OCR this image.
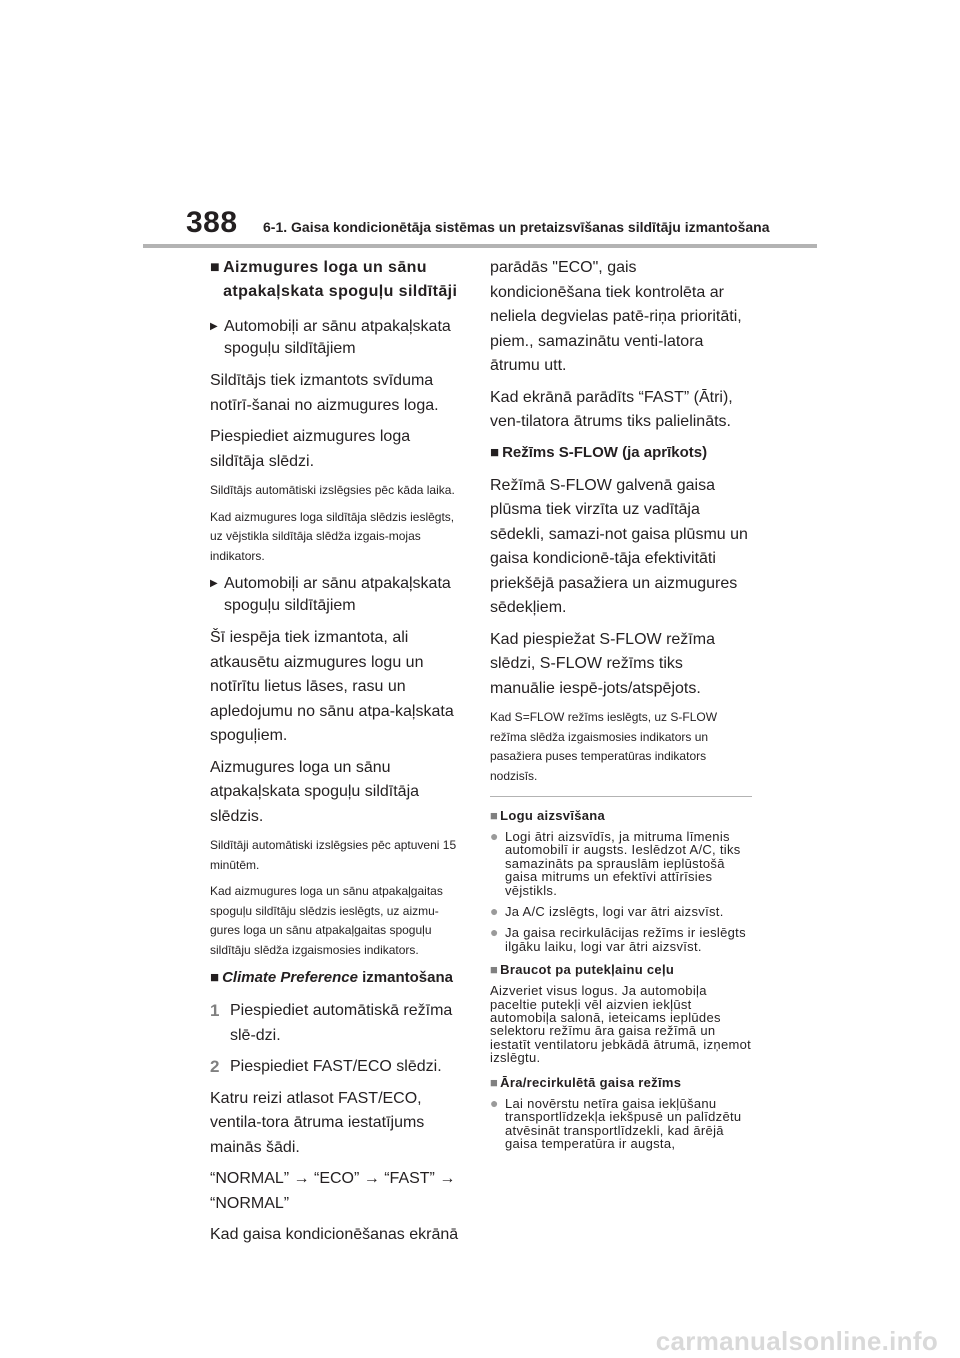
388 6-1. Gaisa kondicionētāja sistēmas un pretaizsvīšanas sildītāju izmantošana
■ Aizmugures loga un sānu atpakaļskata spoguļu sildītāji
▶ Automobiļi ar sānu atpakaļskata spoguļu sildītājiem

Sildītājs tiek izmantots svīduma notīrī-šanai no aizmugures loga.

Piespiediet aizmugures loga sildītāja slēdzi.

Sildītājs automātiski izslēgsies pēc kāda laika.

Kad aizmugures loga sildītāja slēdzis ieslēgts, uz vējstikla sildītāja slēdža izgais-mojas indikators.

▶ Automobiļi ar sānu atpakaļskata spoguļu sildītājiem

Šī iespēja tiek izmantota, ali atkausētu aizmugures logu un notīrītu lietus lāses, rasu un apledojumu no sānu atpa-kaļskata spoguļiem.

Aizmugures loga un sānu atpakaļskata spoguļu sildītāja slēdzis.

Sildītāji automātiski izslēgsies pēc aptuveni 15 minūtēm.

Kad aizmugures loga un sānu atpakaļgaitas spoguļu sildītāju slēdzis ieslēgts, uz aizmu-gures loga un sānu atpakaļgaitas spoguļu sildītāju slēdža izgaismosies indikators.

■ Climate Preference izmantošana
1 Piespiediet automātiskā režīma slē-dzi.
2 Piespiediet FAST/ECO slēdzi.

Katru reizi atlasot FAST/ECO, ventila-tora ātruma iestatījums mainās šādi.

“NORMAL” → “ECO” → “FAST” → “NORMAL”

Kad gaisa kondicionēšanas ekrānā

parādās "ECO", gais kondicionēšana tiek kontrolēta ar neliela degvielas patē-riņa prioritāti, piem., samazinātu venti-latora ātrumu utt.

Kad ekrānā parādīts “FAST” (Ātri), ven-tilatora ātrums tiks palielināts.

■ Režīms S-FLOW (ja aprīkots)

Režīmā S-FLOW galvenā gaisa plūsma tiek virzīta uz vadītāja sēdekli, samazi-not gaisa plūsmu un gaisa kondicionē-tāja efektivitāti priekšējā pasažiera un aizmugures sēdekļiem.

Kad piespiežat S-FLOW režīma slēdzi, S-FLOW režīms tiks manuālie iespē-jots/atspējots.

Kad S=FLOW režīms ieslēgts, uz S-FLOW režīma slēdža izgaismosies indikators un pasažiera puses temperatūras indikators nodzisīs.

■ Logu aizsvīšana
● Logi ātri aizsvīdīs, ja mitruma līmenis automobilī ir augsts. Ieslēdzot A/C, tiks samazināts pa sprauslām ieplūstošā gaisa mitrums un efektīvi attīrīsies vējstikls.
● Ja A/C izslēgts, logi var ātri aizsvīst.
● Ja gaisa recirkulācijas režīms ir ieslēgts ilgāku laiku, logi var ātri aizsvīst.
■ Braucot pa putekļainu ceļu

Aizveriet visus logus. Ja automobiļa paceltie putekļi vēl aizvien iekļūst automobiļa salonā, ieteicams ieplūdes selektoru režīmu āra gaisa režīmā un iestatīt ventilatoru jebkādā ātrumā, izņemot izslēgtu.

■ Āra/recirkulētā gaisa režīms
● Lai novērstu netīra gaisa iekļūšanu transportlīdzekļa iekšpusē un palīdzētu atvēsināt transportlīdzekli, kad ārējā gaisa temperatūra ir augsta,
carmanualsonline.info
